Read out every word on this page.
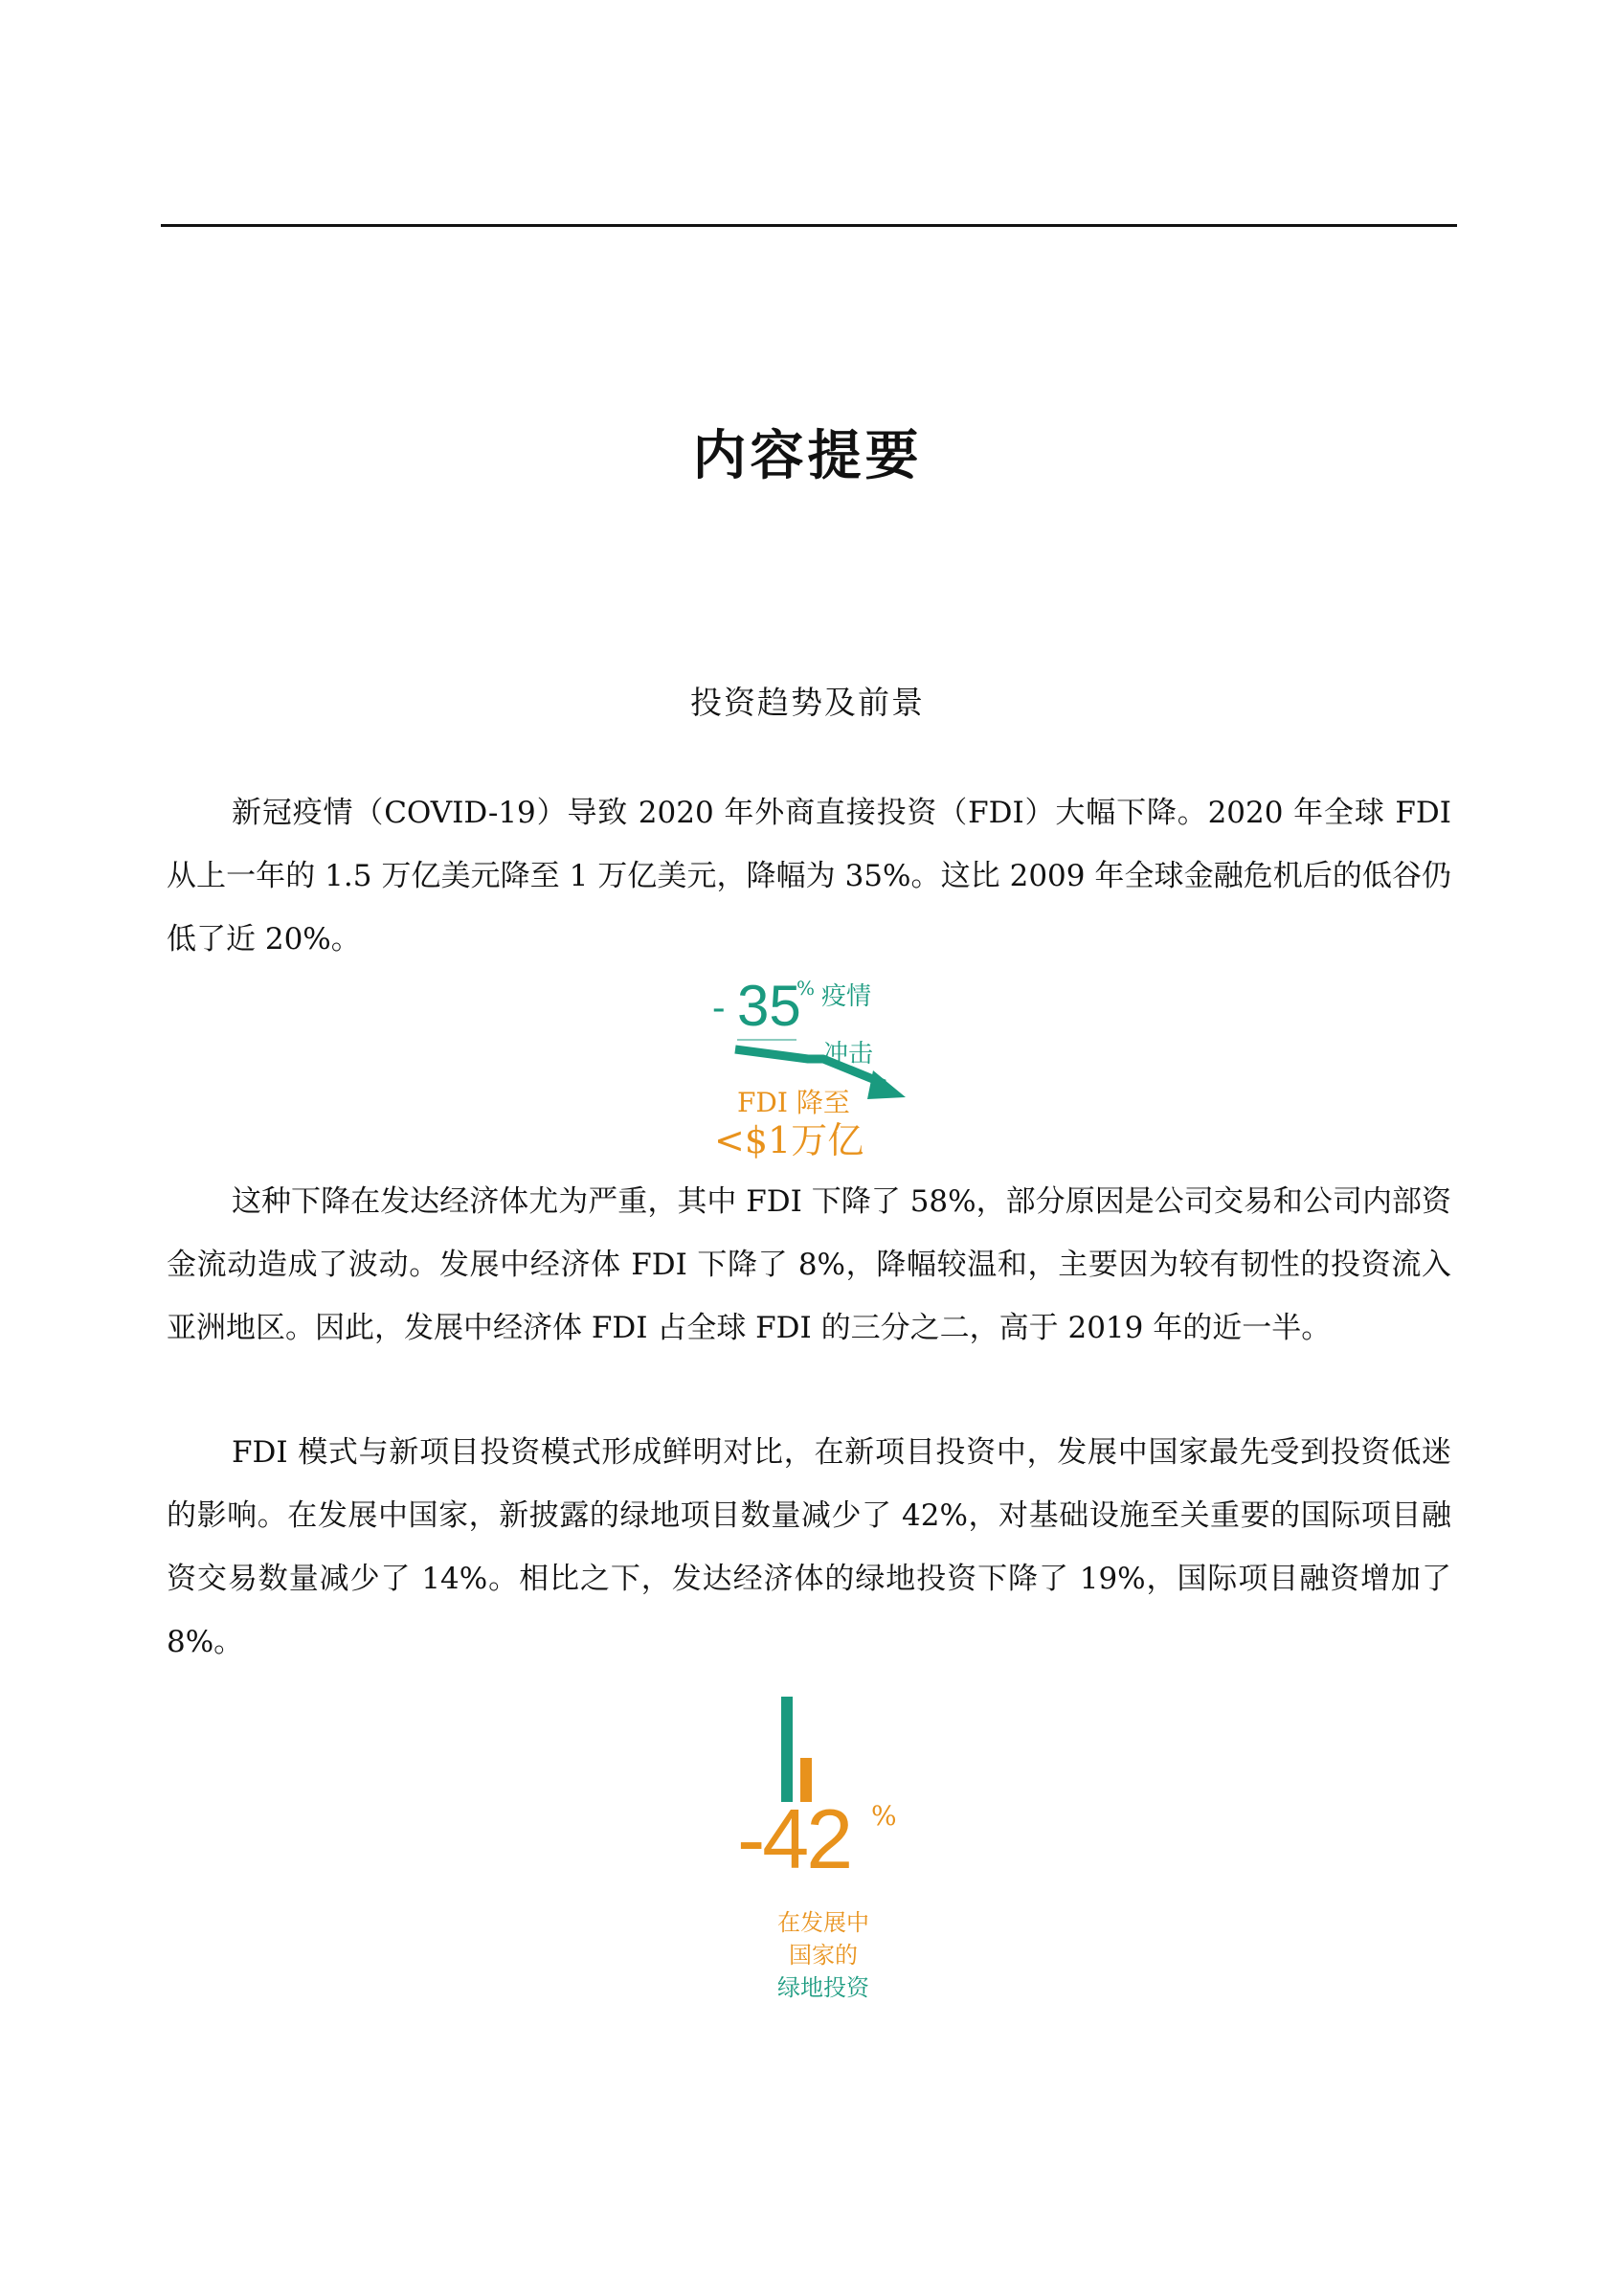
内容提要
投资趋势及前景

新冠疫情（COVID-19）导致 2020 年外商直接投资（FDI）大幅下降。2020 年全球 FDI 从上一年的 1.5 万亿美元降至 1 万亿美元，降幅为 35%。这比 2009 年全球金融危机后的低谷仍低了近 20%。

- 35
% 疫情
冲击
FDI 降至
<$1万亿

这种下降在发达经济体尤为严重，其中 FDI 下降了 58%，部分原因是公司交易和公司内部资金流动造成了波动。发展中经济体 FDI 下降了 8%，降幅较温和，主要因为较有韧性的投资流入亚洲地区。因此，发展中经济体 FDI 占全球 FDI 的三分之二，高于 2019 年的近一半。

FDI 模式与新项目投资模式形成鲜明对比，在新项目投资中，发展中国家最先受到投资低迷的影响。在发展中国家，新披露的绿地项目数量减少了 42%，对基础设施至关重要的国际项目融资交易数量减少了 14%。相比之下，发达经济体的绿地投资下降了 19%，国际项目融资增加了 8%。

-42 %
在发展中
国家的
绿地投资
